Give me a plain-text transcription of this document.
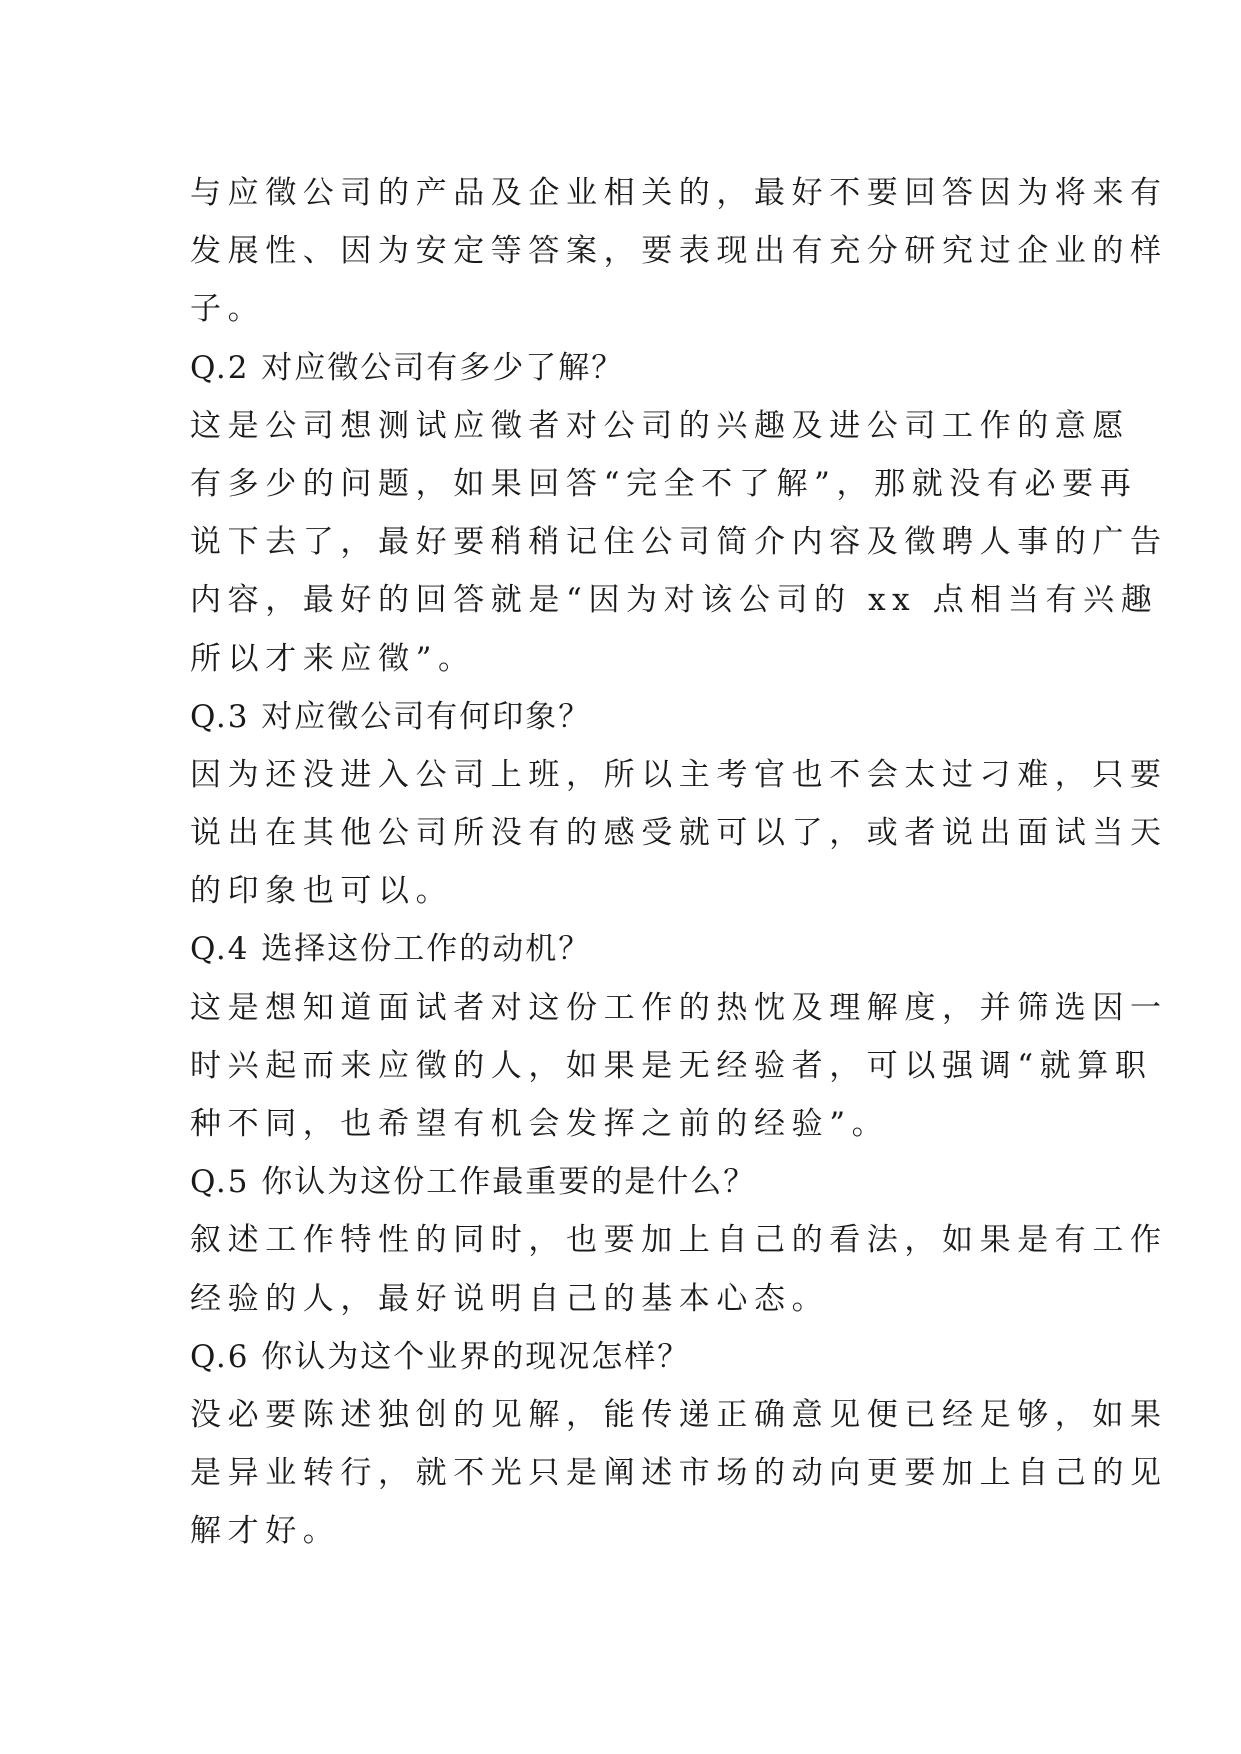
与应徵公司的产品及企业相关的，最好不要回答因为将来有
发展性、因为安定等答案，要表现出有充分研究过企业的样
子。
Q.2 对应徵公司有多少了解？
这是公司想测试应徵者对公司的兴趣及进公司工作的意愿
有多少的问题，如果回答“完全不了解”，那就没有必要再
说下去了，最好要稍稍记住公司简介内容及徵聘人事的广告
内容，最好的回答就是“因为对该公司的 xx 点相当有兴趣
所以才来应徵”。
Q.3 对应徵公司有何印象？
因为还没进入公司上班，所以主考官也不会太过刁难，只要
说出在其他公司所没有的感受就可以了，或者说出面试当天
的印象也可以。
Q.4 选择这份工作的动机？
这是想知道面试者对这份工作的热忱及理解度，并筛选因一
时兴起而来应徵的人，如果是无经验者，可以强调“就算职
种不同，也希望有机会发挥之前的经验”。
Q.5 你认为这份工作最重要的是什么？
叙述工作特性的同时，也要加上自己的看法，如果是有工作
经验的人，最好说明自己的基本心态。
Q.6 你认为这个业界的现况怎样？
没必要陈述独创的见解，能传递正确意见便已经足够，如果
是异业转行，就不光只是阐述市场的动向更要加上自己的见
解才好。
